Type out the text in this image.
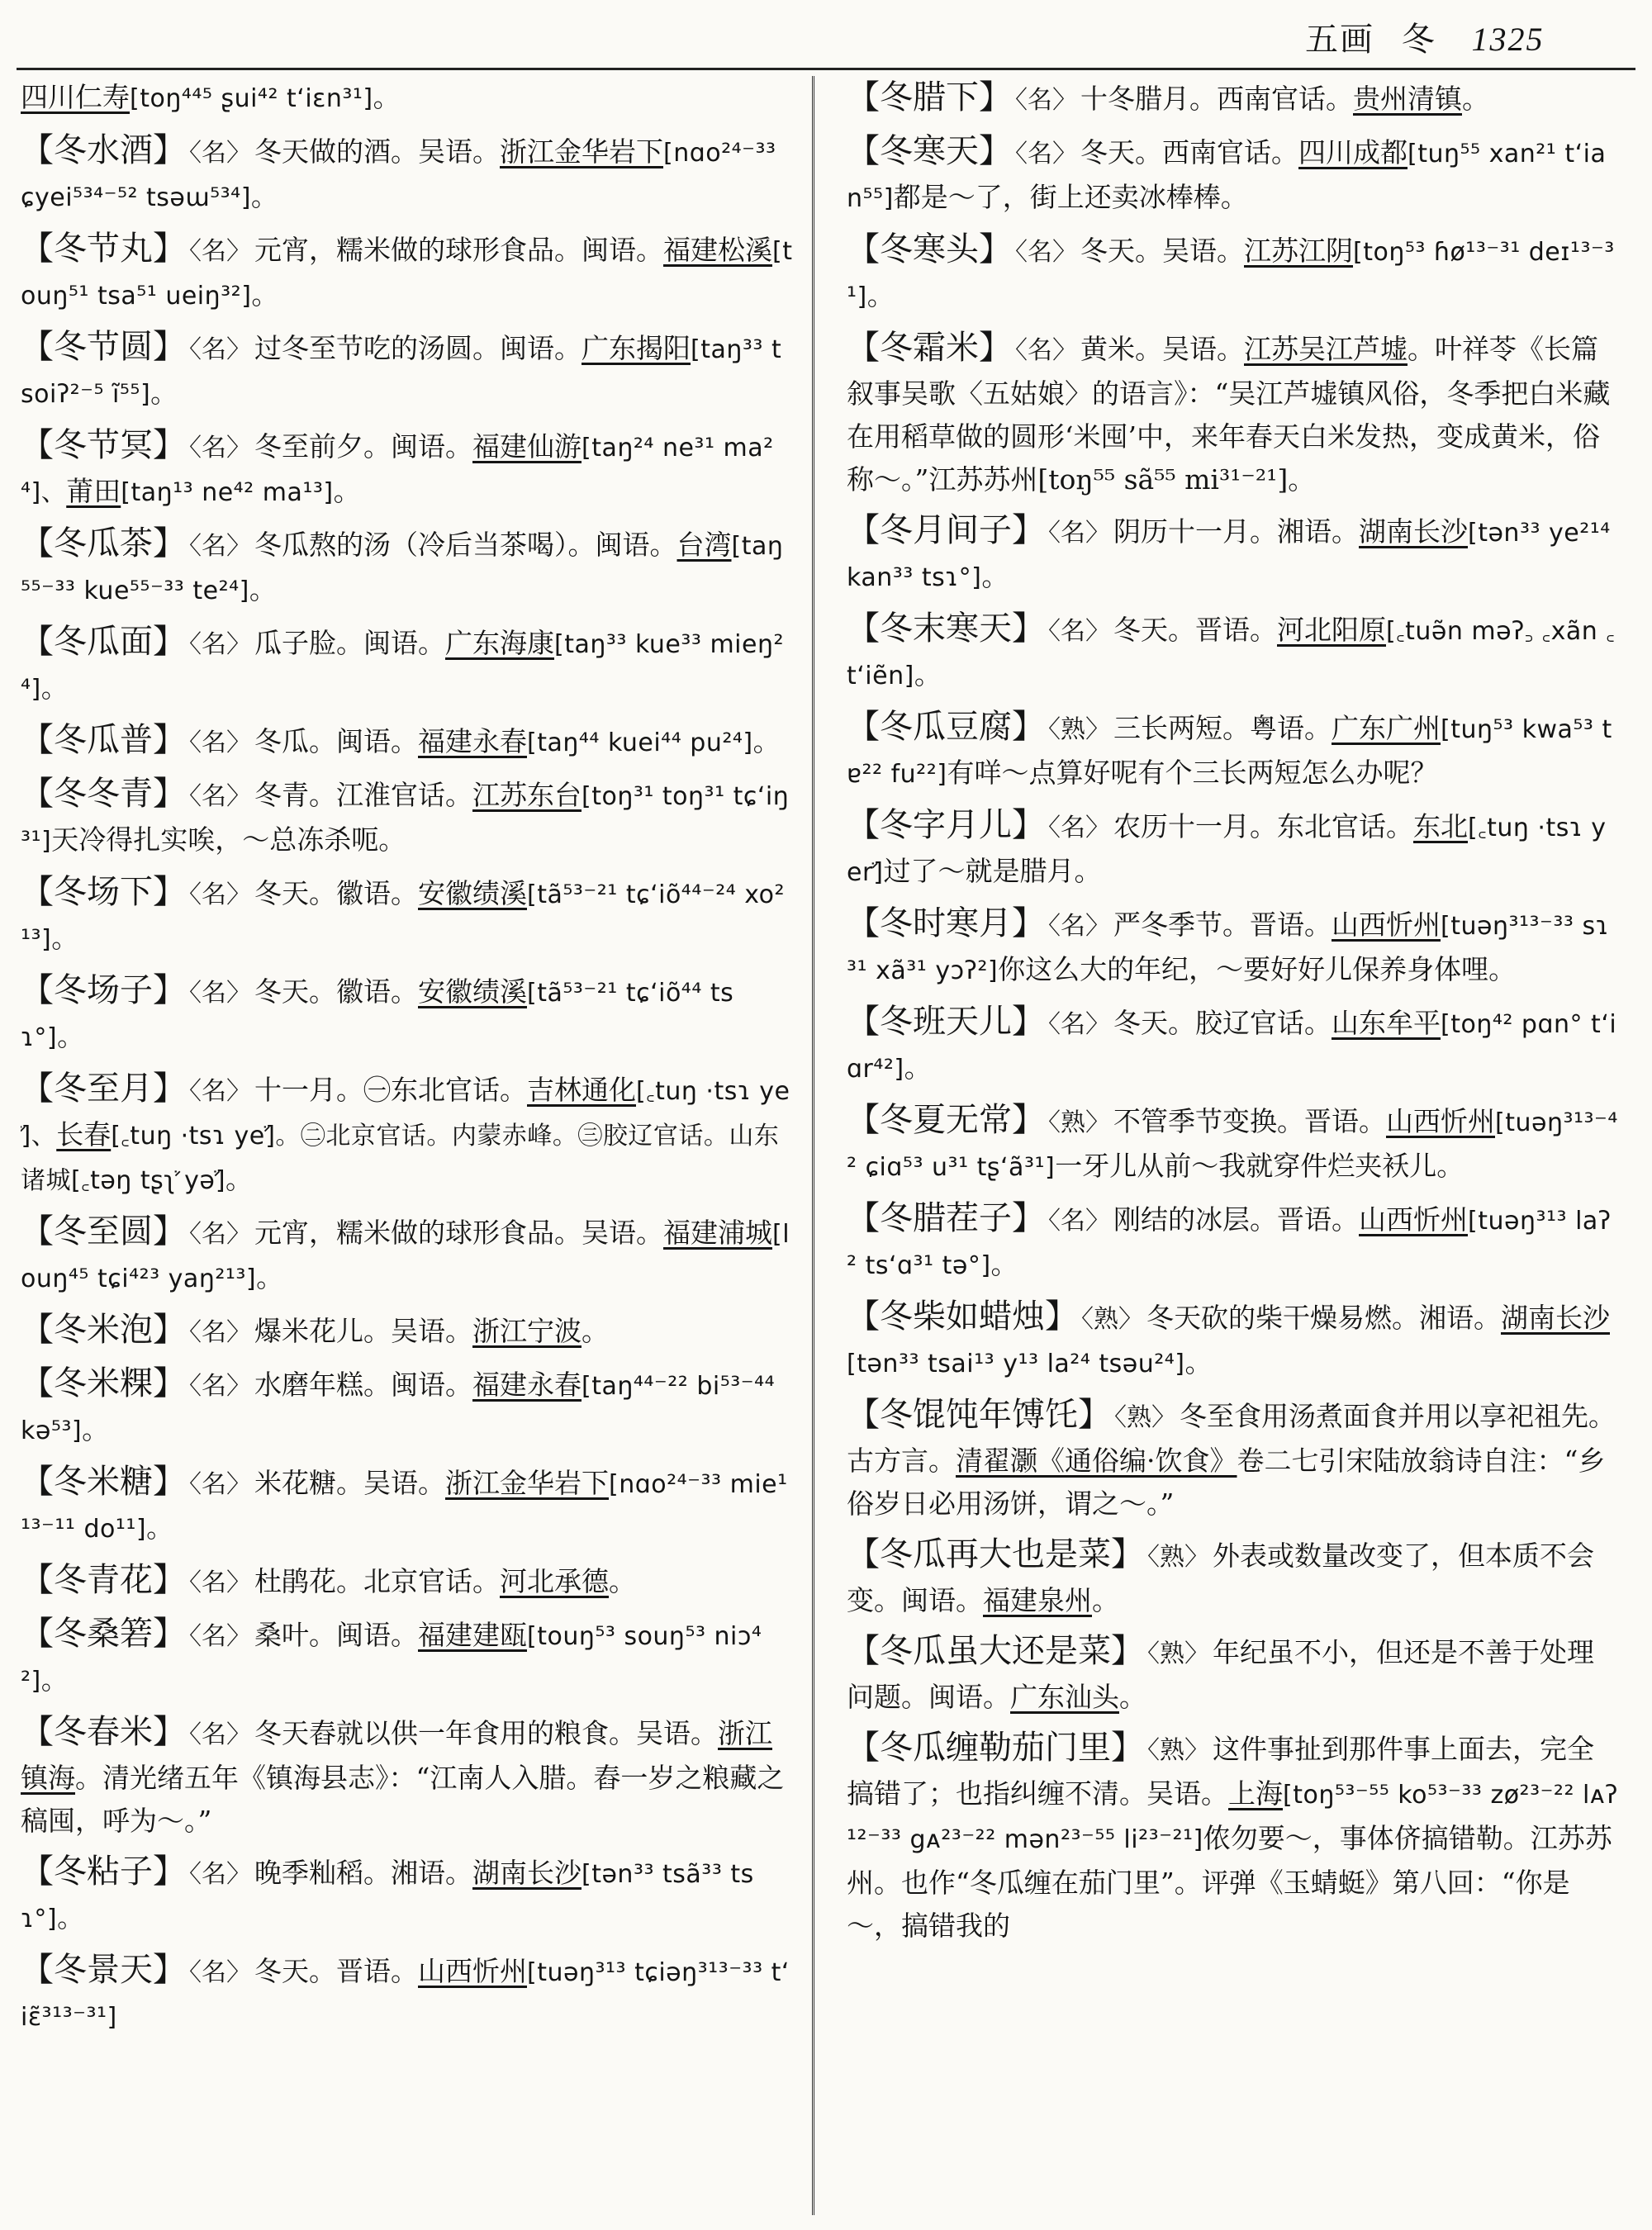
五画 冬 1325
四川仁寿[toŋ⁴⁴⁵ ʂui⁴² tʻiɛn³¹]。
【冬水酒】 〈名〉 冬天做的酒。吴语。浙江金华岩下[nɑo²⁴⁻³³ ɕyei⁵³⁴⁻⁵² tsəɯ⁵³⁴]。
【冬节丸】 〈名〉 元宵，糯米做的球形食品。闽语。福建松溪[touŋ⁵¹ tsa⁵¹ ueiŋ³²]。
【冬节圆】 〈名〉 过冬至节吃的汤圆。闽语。广东揭阳[taŋ³³ tsoiʔ²⁻⁵ ĩ⁵⁵]。
【冬节冥】 〈名〉 冬至前夕。闽语。福建仙游[taŋ²⁴ ne³¹ ma²⁴]、莆田[taŋ¹³ ne⁴² ma¹³]。
【冬瓜茶】 〈名〉 冬瓜熬的汤（冷后当茶喝）。闽语。台湾[taŋ⁵⁵⁻³³ kue⁵⁵⁻³³ te²⁴]。
【冬瓜面】 〈名〉 瓜子脸。闽语。广东海康[taŋ³³ kue³³ mieŋ²⁴]。
【冬瓜普】 〈名〉 冬瓜。闽语。福建永春[taŋ⁴⁴ kuei⁴⁴ pu²⁴]。
【冬冬青】 〈名〉 冬青。江淮官话。江苏东台[toŋ³¹ toŋ³¹ tɕʻiŋ³¹]天冷得扎实唉，～总冻杀呃。
【冬场下】 〈名〉 冬天。徽语。安徽绩溪[tã⁵³⁻²¹ tɕʻiõ⁴⁴⁻²⁴ xo²¹³]。
【冬场子】 〈名〉 冬天。徽语。安徽绩溪[tã⁵³⁻²¹ tɕʻiõ⁴⁴ tsɿ°]。
【冬至月】 〈名〉 十一月。㊀东北官话。吉林通化[꜀tuŋ ·tsɿ yeꜘ]、长春[꜀tuŋ ·tsɿ yeꜘ]。㊁北京官话。内蒙赤峰。㊂胶辽官话。山东诸城[꜀təŋ tʂʅꜘ yəꜘ]。
【冬至圆】 〈名〉 元宵，糯米做的球形食品。吴语。福建浦城[louŋ⁴⁵ tɕi⁴²³ yaŋ²¹³]。
【冬米泡】 〈名〉 爆米花儿。吴语。浙江宁波。
【冬米粿】 〈名〉 水磨年糕。闽语。福建永春[taŋ⁴⁴⁻²² bi⁵³⁻⁴⁴ kə⁵³]。
【冬米糖】 〈名〉 米花糖。吴语。浙江金华岩下[nɑo²⁴⁻³³ mie¹¹³⁻¹¹ do¹¹]。
【冬青花】 〈名〉 杜鹃花。北京官话。河北承德。
【冬桑箬】 〈名〉 桑叶。闽语。福建建瓯[touŋ⁵³ souŋ⁵³ niɔ⁴²]。
【冬春米】 〈名〉 冬天舂就以供一年食用的粮食。吴语。浙江镇海。清光绪五年《镇海县志》：“江南人入腊。舂一岁之粮藏之稿囤，呼为～。”
【冬粘子】 〈名〉 晚季籼稻。湘语。湖南长沙[tən³³ tsã³³ tsɿ°]。
【冬景天】 〈名〉 冬天。晋语。山西忻州[tuəŋ³¹³ tɕiəŋ³¹³⁻³³ tʻiɛ̃³¹³⁻³¹]
【冬腊下】 〈名〉 十冬腊月。西南官话。贵州清镇。
【冬寒天】 〈名〉 冬天。西南官话。四川成都[tuŋ⁵⁵ xan²¹ tʻian⁵⁵]都是～了，街上还卖冰棒棒。
【冬寒头】 〈名〉 冬天。吴语。江苏江阴[toŋ⁵³ ɦø¹³⁻³¹ deɪ¹³⁻³¹]。
【冬霜米】 〈名〉 黄米。吴语。江苏吴江芦墟。叶祥苓《长篇叙事吴歌〈五姑娘〉的语言》：“吴江芦墟镇风俗，冬季把白米藏在用稻草做的圆形‘米囤’中，来年春天白米发热，变成黄米，俗称～。”江苏苏州[toŋ⁵⁵ sã⁵⁵ mi³¹⁻²¹]。
【冬月间子】 〈名〉 阴历十一月。湘语。湖南长沙[tən³³ ye²¹⁴ kan³³ tsɿ°]。
【冬末寒天】 〈名〉 冬天。晋语。河北阳原[꜀tuə̃n məʔ꜆ ꜀xãn ꜀tʻiẽn]。
【冬瓜豆腐】 〈熟〉 三长两短。粤语。广东广州[tuŋ⁵³ kwa⁵³ tɐ²² fu²²]有咩～点算好呢有个三长两短怎么办呢？
【冬字月儿】 〈名〉 农历十一月。东北官话。东北[꜀tuŋ ·tsɿ yerꜘ]过了～就是腊月。
【冬时寒月】 〈名〉 严冬季节。晋语。山西忻州[tuəŋ³¹³⁻³³ sɿ³¹ xã³¹ yɔʔ²]你这么大的年纪，～要好好儿保养身体哩。
【冬班天儿】 〈名〉 冬天。胶辽官话。山东牟平[toŋ⁴² pɑn° tʻiɑr⁴²]。
【冬夏无常】 〈熟〉 不管季节变换。晋语。山西忻州[tuəŋ³¹³⁻⁴² ɕiɑ⁵³ u³¹ tʂʻã³¹]一牙儿从前～我就穿件烂夹袄儿。
【冬腊茬子】 〈名〉 刚结的冰层。晋语。山西忻州[tuəŋ³¹³ laʔ² tsʻɑ³¹ tə°]。
【冬柴如蜡烛】 〈熟〉 冬天砍的柴干燥易燃。湘语。湖南长沙[tən³³ tsai¹³ y¹³ la²⁴ tsəu²⁴]。
【冬馄饨年馎饦】 〈熟〉 冬至食用汤煮面食并用以享祀祖先。古方言。清翟灏《通俗编·饮食》卷二七引宋陆放翁诗自注：“乡俗岁日必用汤饼，谓之～。”
【冬瓜再大也是菜】 〈熟〉 外表或数量改变了，但本质不会变。闽语。福建泉州。
【冬瓜虽大还是菜】 〈熟〉 年纪虽不小，但还是不善于处理问题。闽语。广东汕头。
【冬瓜缠勒茄门里】 〈熟〉 这件事扯到那件事上面去，完全搞错了；也指纠缠不清。吴语。上海[toŋ⁵³⁻⁵⁵ ko⁵³⁻³³ zø²³⁻²² lᴀʔ¹²⁻³³ gᴀ²³⁻²² mən²³⁻⁵⁵ li²³⁻²¹]侬勿要～，事体侪搞错勒。江苏苏州。也作“冬瓜缠在茄门里”。评弹《玉蜻蜓》第八回：“你是～，搞错我的
